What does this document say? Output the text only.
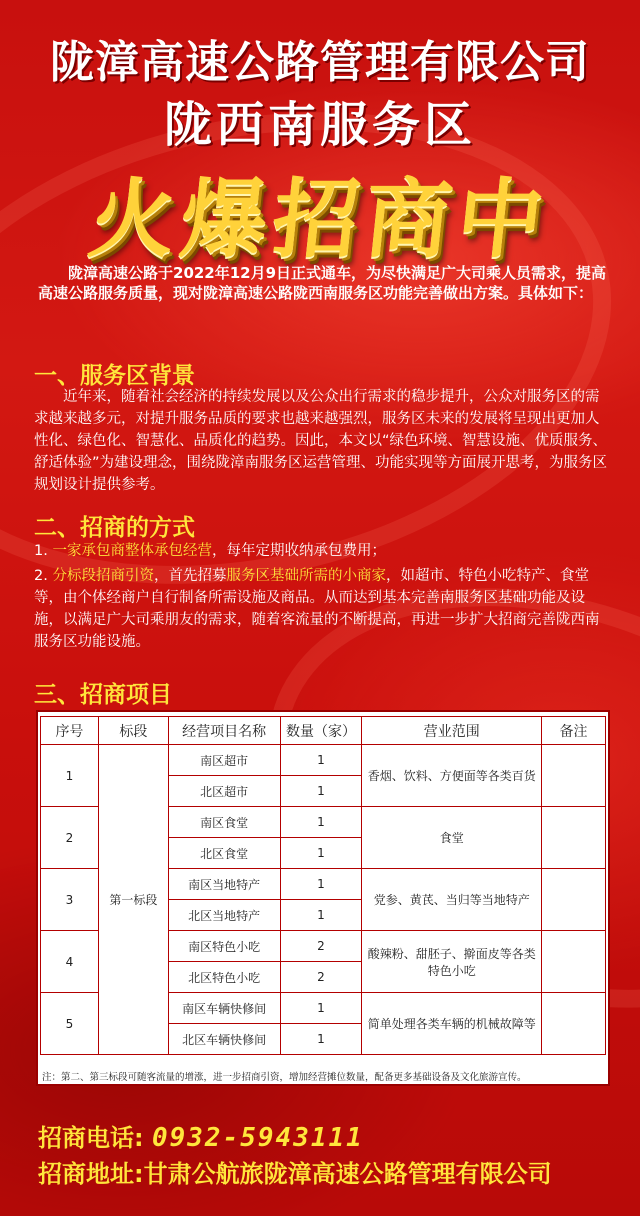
陇漳高速公路管理有限公司
陇西南服务区
火爆招商中

陇漳高速公路于2022年12月9日正式通车，为尽快满足广大司乘人员需求，提高高速公路服务质量，现对陇漳高速公路陇西南服务区功能完善做出方案。具体如下：

一、服务区背景

近年来，随着社会经济的持续发展以及公众出行需求的稳步提升，公众对服务区的需求越来越多元，对提升服务品质的要求也越来越强烈，服务区未来的发展将呈现出更加人性化、绿色化、智慧化、品质化的趋势。因此，本文以“绿色环境、智慧设施、优质服务、舒适体验”为建设理念，围绕陇漳南服务区运营管理、功能实现等方面展开思考，为服务区规划设计提供参考。

二、招商的方式

1. 一家承包商整体承包经营，每年定期收纳承包费用；

2. 分标段招商引资，首先招募服务区基础所需的小商家，如超市、特色小吃特产、食堂等，由个体经商户自行制备所需设施及商品。从而达到基本完善南服务区基础功能及设施，以满足广大司乘朋友的需求，随着客流量的不断提高，再进一步扩大招商完善陇西南服务区功能设施。

三、招商项目
序号	标段	经营项目名称	数量（家）	营业范围	备注
1	第一标段	南区超市	1	香烟、饮料、方便面等各类百货	
		北区超市	1		
2		南区食堂	1	食堂	
		北区食堂	1		
3		南区当地特产	1	党参、黄芪、当归等当地特产	
		北区当地特产	1		
4		南区特色小吃	2	酸辣粉、甜胚子、擀面皮等各类特色小吃	
		北区特色小吃	2		
5		南区车辆快修间	1	简单处理各类车辆的机械故障等	
		北区车辆快修间	1		
注：第二、第三标段可随客流量的增涨，进一步招商引资，增加经营摊位数量，配备更多基础设备及文化旅游宣传。
招商电话: 0932-5943111
招商地址:甘肃公航旅陇漳高速公路管理有限公司
